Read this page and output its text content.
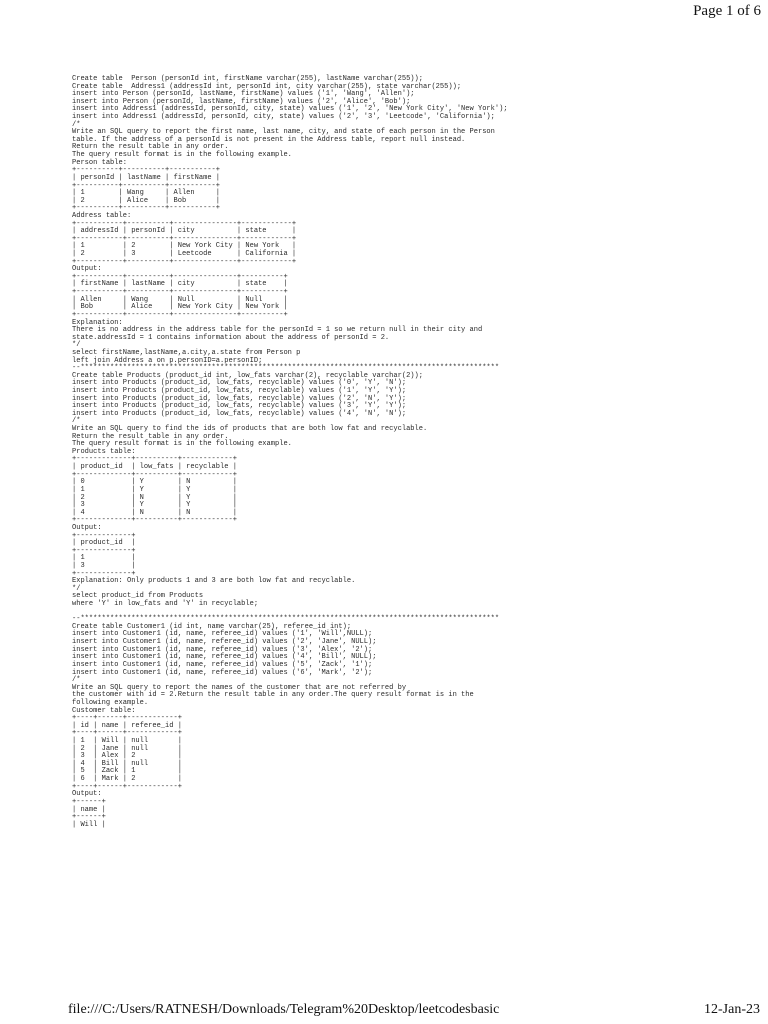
Page 1 of 6
Create table  Person (personId int, firstName varchar(255), lastName varchar(255));
Create table  Address1 (addressId int, personId int, city varchar(255), state varchar(255));
insert into Person (personId, lastName, firstName) values ('1', 'Wang', 'Allen');
insert into Person (personId, lastName, firstName) values ('2', 'Alice', 'Bob');
insert into Address1 (addressId, personId, city, state) values ('1', '2', 'New York City', 'New York');
insert into Address1 (addressId, personId, city, state) values ('2', '3', 'Leetcode', 'California');
/*
Write an SQL query to report the first name, last name, city, and state of each person in the Person
table. If the address of a personId is not present in the Address table, report null instead.
Return the result table in any order.
The query result format is in the following example.
Person table:
+----------+----------+-----------+
| personId | lastName | firstName |
+----------+----------+-----------+
| 1        | Wang     | Allen     |
| 2        | Alice    | Bob       |
+----------+----------+-----------+
Address table:
+-----------+----------+---------------+------------+
| addressId | personId | city          | state      |
+-----------+----------+---------------+------------+
| 1         | 2        | New York City | New York   |
| 2         | 3        | Leetcode      | California |
+-----------+----------+---------------+------------+
Output:
+-----------+----------+---------------+----------+
| firstName | lastName | city          | state    |
+-----------+----------+---------------+----------+
| Allen     | Wang     | Null          | Null     |
| Bob       | Alice    | New York City | New York |
+-----------+----------+---------------+----------+
Explanation:
There is no address in the address table for the personId = 1 so we return null in their city and
state.addressId = 1 contains information about the address of personId = 2.
*/
select firstName,lastName,a.city,a.state from Person p
left join Address a on p.personID=a.personID;
--***************************************************************************************************
Create table Products (product_id int, low_fats varchar(2), recyclable varchar(2));
insert into Products (product_id, low_fats, recyclable) values ('0', 'Y', 'N');
insert into Products (product_id, low_fats, recyclable) values ('1', 'Y', 'Y');
insert into Products (product_id, low_fats, recyclable) values ('2', 'N', 'Y');
insert into Products (product_id, low_fats, recyclable) values ('3', 'Y', 'Y');
insert into Products (product_id, low_fats, recyclable) values ('4', 'N', 'N');
/*
Write an SQL query to find the ids of products that are both low fat and recyclable.
Return the result table in any order.
The query result format is in the following example.
Products table:
+-------------+----------+------------+
| product_id  | low_fats | recyclable |
+-------------+----------+------------+
| 0           | Y        | N          |
| 1           | Y        | Y          |
| 2           | N        | Y          |
| 3           | Y        | Y          |
| 4           | N        | N          |
+-------------+----------+------------+
Output:
+-------------+
| product_id  |
+-------------+
| 1           |
| 3           |
+-------------+
Explanation: Only products 1 and 3 are both low fat and recyclable.
*/
select product_id from Products
where 'Y' in low_fats and 'Y' in recyclable;
--***************************************************************************************************
Create table Customer1 (id int, name varchar(25), referee_id int);
insert into Customer1 (id, name, referee_id) values ('1', 'Will',NULL);
insert into Customer1 (id, name, referee_id) values ('2', 'Jane', NULL);
insert into Customer1 (id, name, referee_id) values ('3', 'Alex', '2');
insert into Customer1 (id, name, referee_id) values ('4', 'Bill', NULL);
insert into Customer1 (id, name, referee_id) values ('5', 'Zack', '1');
insert into Customer1 (id, name, referee_id) values ('6', 'Mark', '2');
/*
Write an SQL query to report the names of the customer that are not referred by
the customer with id = 2.Return the result table in any order.The query result format is in the
following example.
Customer table:
+----+------+------------+
| id | name | referee_id |
+----+------+------------+
| 1  | Will | null       |
| 2  | Jane | null       |
| 3  | Alex | 2          |
| 4  | Bill | null       |
| 5  | Zack | 1          |
| 6  | Mark | 2          |
+----+------+------------+
Output:
+------+
| name |
+------+
| Will |
file:///C:/Users/RATNESH/Downloads/Telegram%20Desktop/leetcodesbasic	12-Jan-23
